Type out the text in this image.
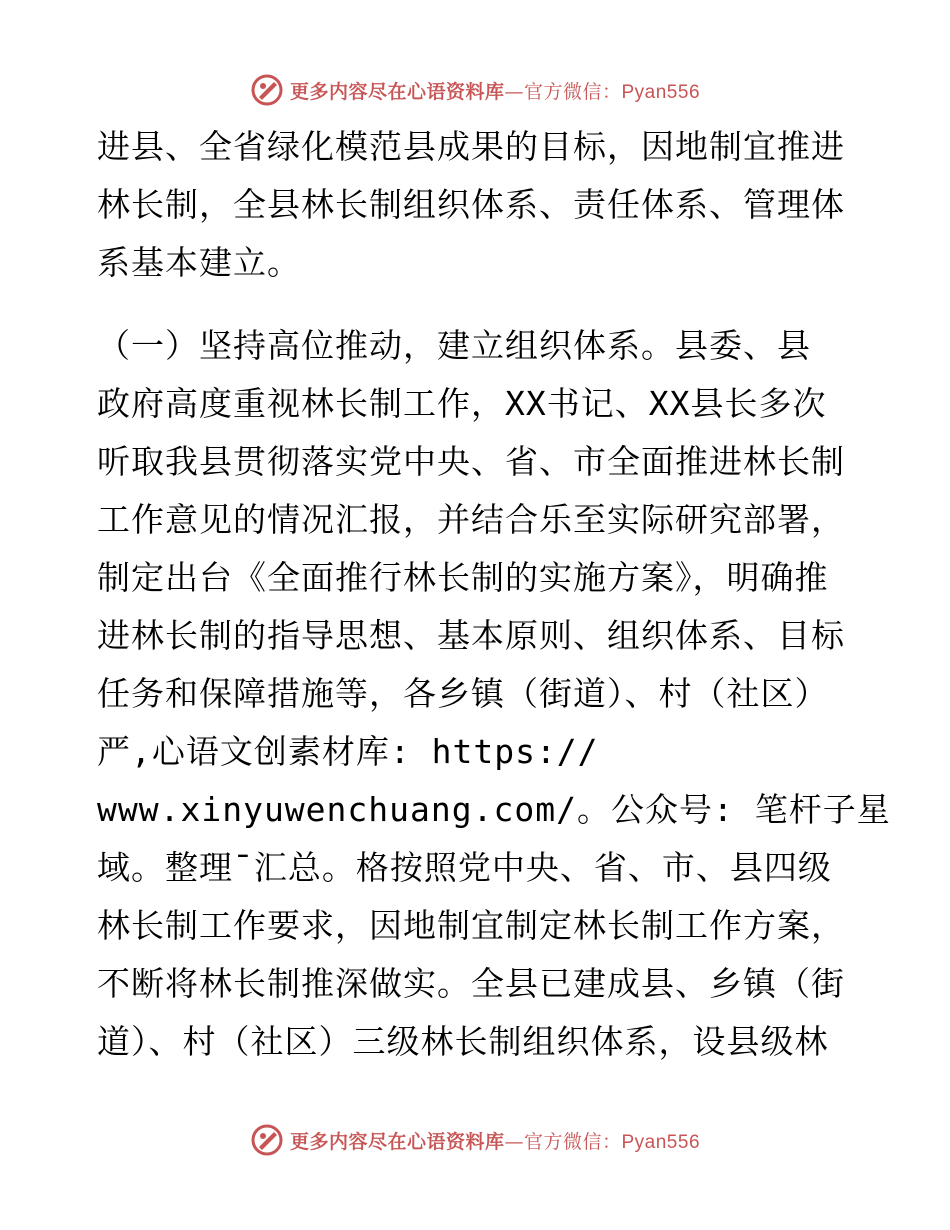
更多内容尽在心语资料库—官方微信：Pyan556
进县、全省绿化模范县成果的目标，因地制宜推进
林长制，全县林长制组织体系、责任体系、管理体
系基本建立。
（一）坚持高位推动，建立组织体系。县委、县
政府高度重视林长制工作，XX书记、XX县长多次
听取我县贯彻落实党中央、省、市全面推进林长制
工作意见的情况汇报，并结合乐至实际研究部署，
制定出台《全面推行林长制的实施方案》，明确推
进林长制的指导思想、基本原则、组织体系、目标
任务和保障措施等，各乡镇（街道）、村（社区）
严,心语文创素材库: https://
www.xinyuwenchuang.com/。公众号: 笔杆子星
域。整理¯汇总。格按照党中央、省、市、县四级
林长制工作要求，因地制宜制定林长制工作方案，
不断将林长制推深做实。全县已建成县、乡镇（街
道）、村（社区）三级林长制组织体系，设县级林
更多内容尽在心语资料库—官方微信：Pyan556
